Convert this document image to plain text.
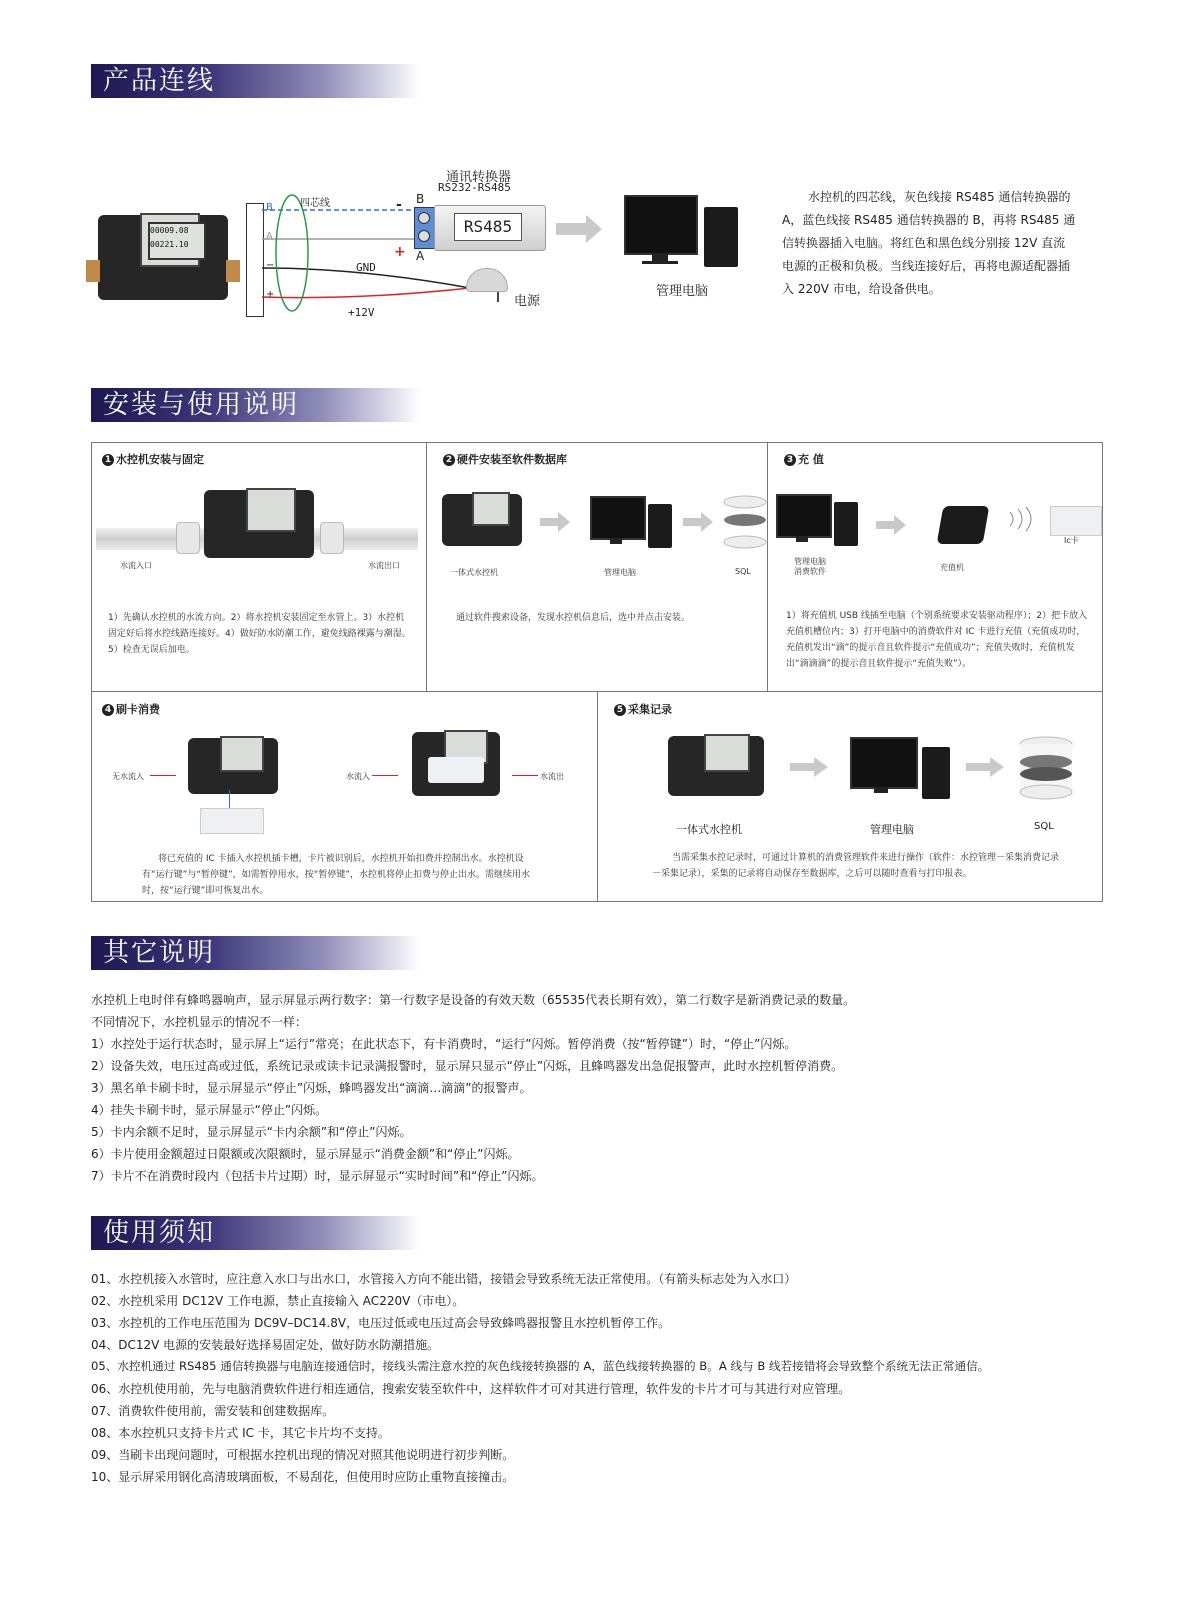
产品连线
00009.08
00221.10
B
A
−
+
四芯线
GND
+12V
-
+
B
A
RS485
通讯转换器
RS232-RS485
电源
管理电脑
水控机的四芯线，灰色线接 RS485 通信转换器的 A，蓝色线接 RS485 通信转换器的 B，再将 RS485 通信转换器插入电脑。将红色和黑色线分别接 12V 直流电源的正极和负极。当线连接好后，再将电源适配器插入 220V 市电，给设备供电。
安装与使用说明
1 水控机安装与固定
水流入口	水流出口
1）先确认水控机的水流方向。2）将水控机安装固定至水管上。3）水控机固定好后将水控线路连接好。4）做好防水防潮工作，避免线路裸露与潮湿。5）检查无误后加电。
2 硬件安装至软件数据库
一体式水控机	管理电脑	SQL
通过软件搜索设备，发现水控机信息后，选中并点击安装。
3 充 值
Ic卡
管理电脑
消费软件	充值机
1）将充值机 USB 线插至电脑（个别系统要求安装驱动程序）；2）把卡放入充值机槽位内；3）打开电脑中的消费软件对 IC 卡进行充值（充值成功时，充值机发出“滴”的提示音且软件提示“充值成功”；充值失败时，充值机发出“滴滴滴”的提示音且软件提示“充值失败”）。
4 刷卡消费
无水流入	水流入	水流出
将已充值的 IC 卡插入水控机插卡槽，卡片被识别后，水控机开始扣费并控制出水。水控机设有“运行键”与“暂停键”，如需暂停用水，按“暂停键”，水控机将停止扣费与停止出水。需继续用水时，按“运行键”即可恢复出水。
5 采集记录
一体式水控机	管理电脑	SQL
当需采集水控记录时，可通过计算机的消费管理软件来进行操作（软件：水控管理－采集消费记录－采集记录），采集的记录将自动保存至数据库，之后可以随时查看与打印报表。
其它说明
水控机上电时伴有蜂鸣器响声，显示屏显示两行数字：第一行数字是设备的有效天数（65535代表长期有效），第二行数字是新消费记录的数量。
不同情况下，水控机显示的情况不一样：
1）水控处于运行状态时，显示屏上“运行”常亮；在此状态下，有卡消费时，“运行”闪烁。暂停消费（按“暂停键”）时，“停止”闪烁。
2）设备失效，电压过高或过低，系统记录或读卡记录满报警时，显示屏只显示“停止”闪烁，且蜂鸣器发出急促报警声，此时水控机暂停消费。
3）黑名单卡刷卡时，显示屏显示“停止”闪烁，蜂鸣器发出“滴滴…滴滴”的报警声。
4）挂失卡刷卡时，显示屏显示“停止”闪烁。
5）卡内余额不足时，显示屏显示“卡内余额”和“停止”闪烁。
6）卡片使用金额超过日限额或次限额时，显示屏显示“消费金额”和“停止”闪烁。
7）卡片不在消费时段内（包括卡片过期）时，显示屏显示“实时时间”和“停止”闪烁。
使用须知
01、水控机接入水管时，应注意入水口与出水口，水管接入方向不能出错，接错会导致系统无法正常使用。（有箭头标志处为入水口）
02、水控机采用 DC12V 工作电源，禁止直接输入 AC220V（市电）。
03、水控机的工作电压范围为 DC9V–DC14.8V，电压过低或电压过高会导致蜂鸣器报警且水控机暂停工作。
04、DC12V 电源的安装最好选择易固定处，做好防水防潮措施。
05、水控机通过 RS485 通信转换器与电脑连接通信时，接线头需注意水控的灰色线接转换器的 A，蓝色线接转换器的 B。A 线与 B 线若接错将会导致整个系统无法正常通信。
06、水控机使用前，先与电脑消费软件进行相连通信，搜索安装至软件中，这样软件才可对其进行管理，软件发的卡片才可与其进行对应管理。
07、消费软件使用前，需安装和创建数据库。
08、本水控机只支持卡片式 IC 卡，其它卡片均不支持。
09、当刷卡出现问题时，可根据水控机出现的情况对照其他说明进行初步判断。
10、显示屏采用钢化高清玻璃面板，不易刮花，但使用时应防止重物直接撞击。
